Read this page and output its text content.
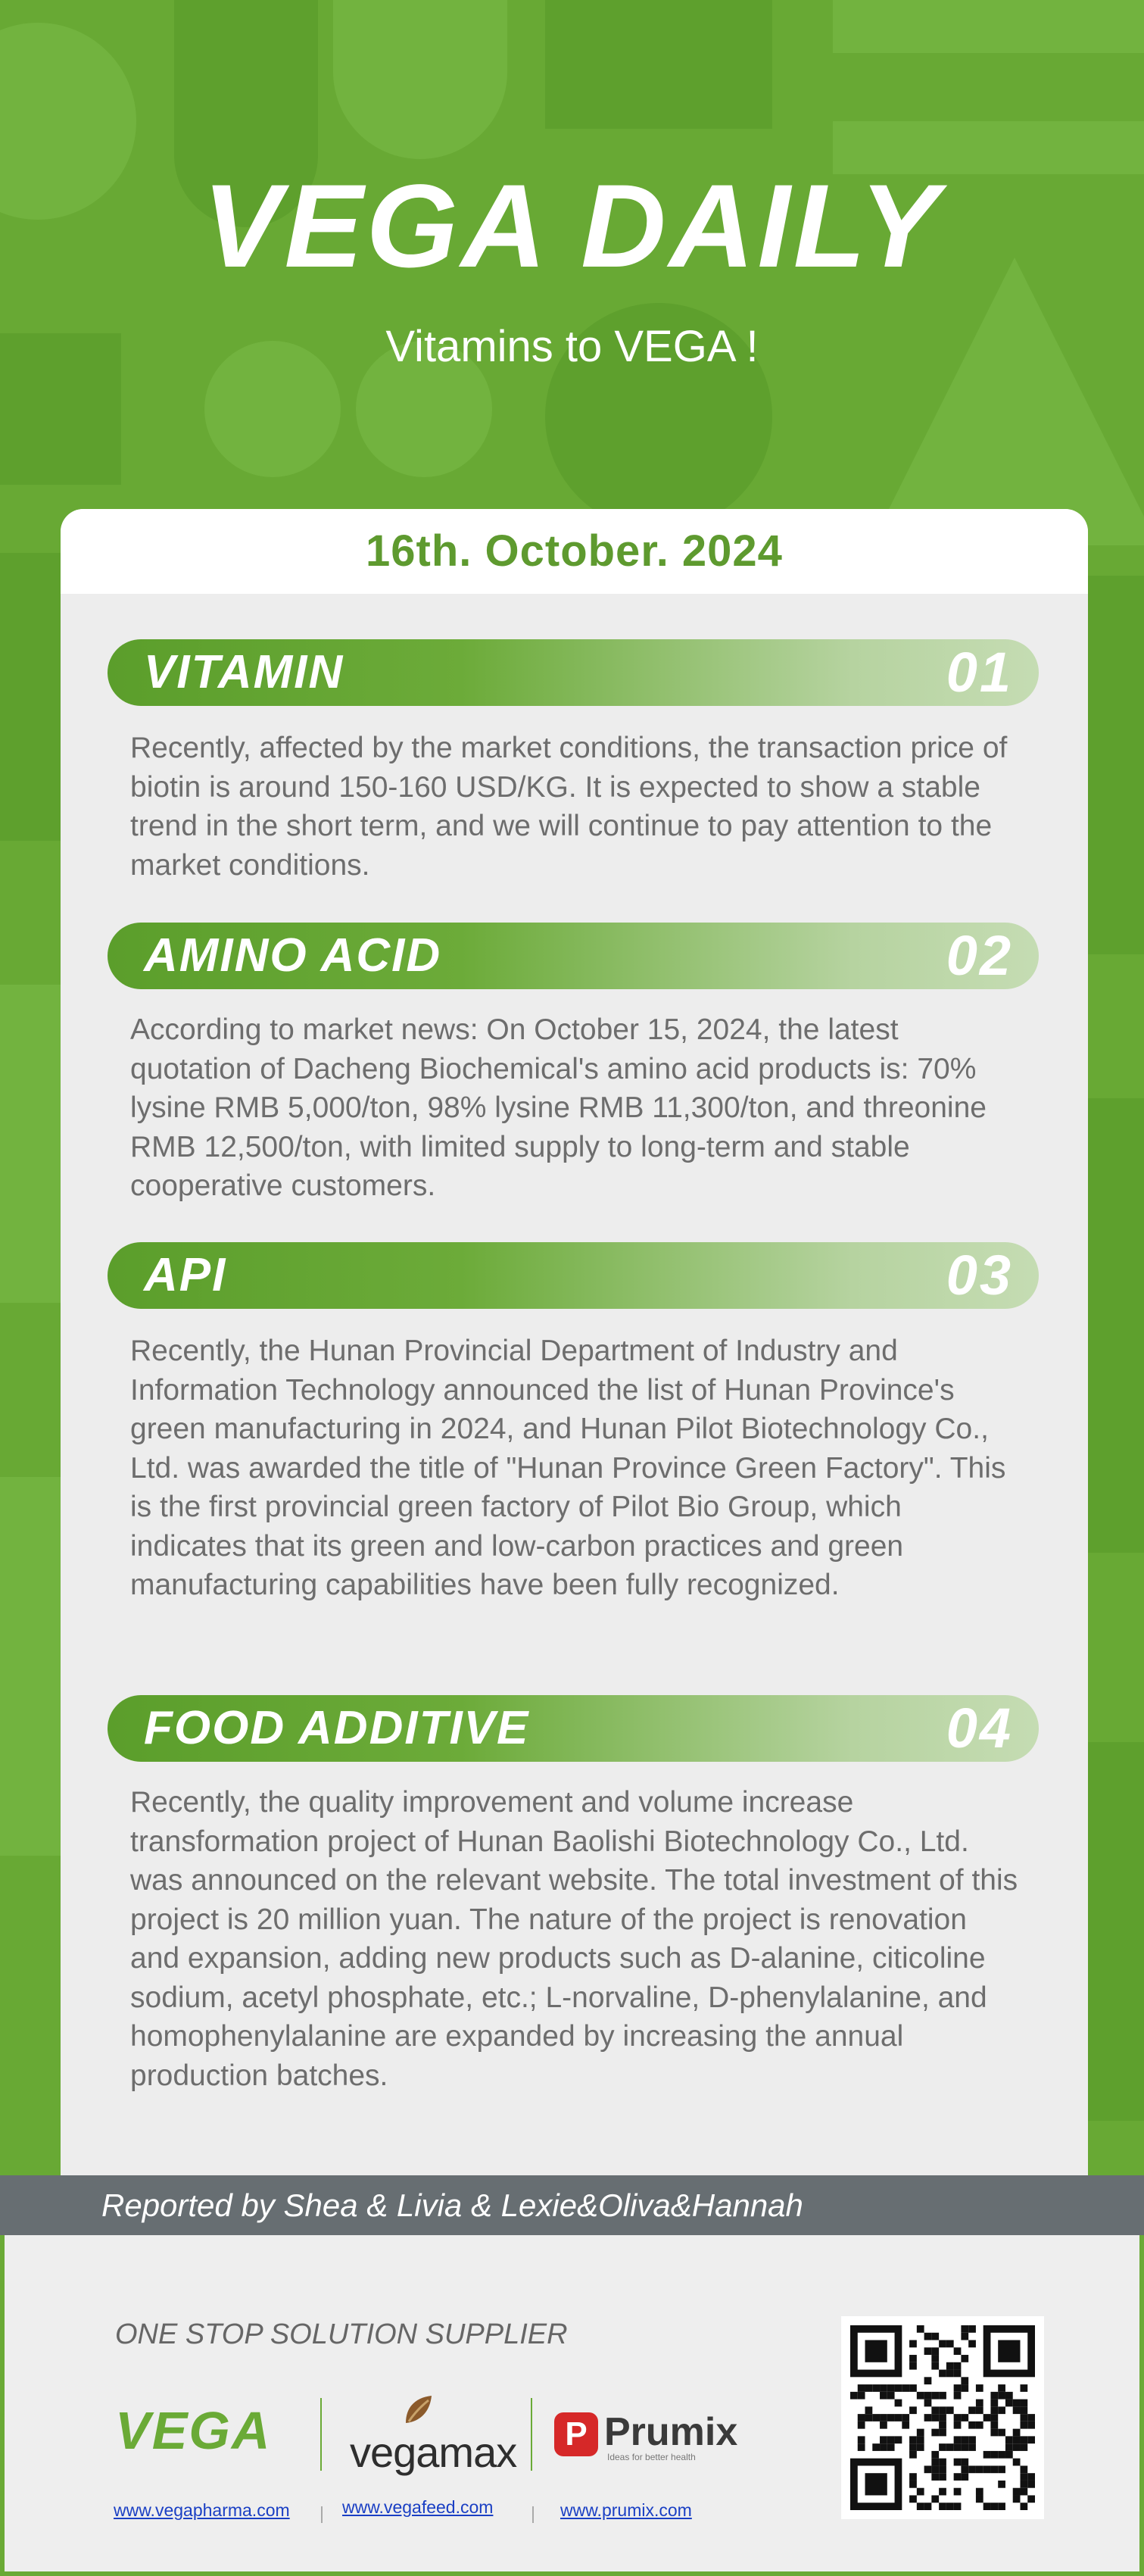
VEGA DAILY
Vitamins to VEGA !
16th. October. 2024
VITAMIN	01

Recently, affected by the market conditions, the transaction price of biotin is around 150-160 USD/KG. It is expected to show a stable trend in the short term, and we will continue to pay attention to the market conditions.

AMINO ACID	02

According to market news: On October 15, 2024, the latest quotation of Dacheng Biochemical's amino acid products is: 70% lysine RMB 5,000/ton, 98% lysine RMB 11,300/ton, and threonine RMB 12,500/ton, with limited supply to long-term and stable cooperative customers.

API	03

Recently, the Hunan Provincial Department of Industry and Information Technology announced the list of Hunan Province's green manufacturing in 2024, and Hunan Pilot Biotechnology Co., Ltd. was awarded the title of "Hunan Province Green Factory". This is the first provincial green factory of Pilot Bio Group, which indicates that its green and low-carbon practices and green manufacturing capabilities have been fully recognized.

FOOD ADDITIVE	04

Recently, the quality improvement and volume increase transformation project of Hunan Baolishi Biotechnology Co., Ltd. was announced on the relevant website. The total investment of this project is 20 million yuan. The nature of the project is renovation and expansion, adding new products such as D-alanine, citicoline sodium, acetyl phosphate, etc.; L-norvaline, D-phenylalanine, and homophenylalanine are expanded by increasing the annual production batches.

Reported by Shea & Livia & Lexie&Oliva&Hannah
ONE STOP SOLUTION SUPPLIER
VEGA vegamax	P Prumix
Ideas for better health
www.vegapharma.com	www.vegafeed.com	www.prumix.com
